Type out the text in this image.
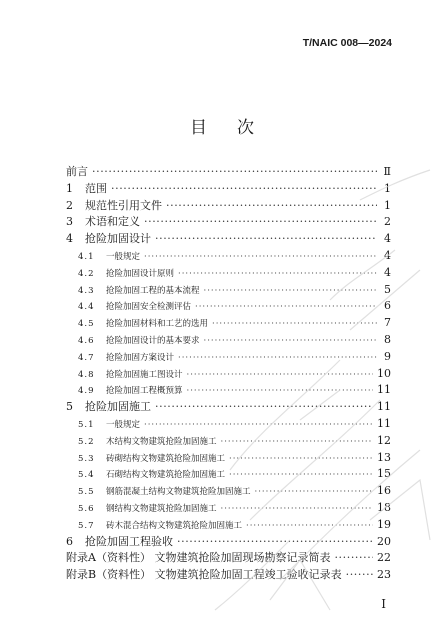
T/NAIC 008—2024
目次
前言 ·····	Ⅱ
1	范围 ·····	1
2	规范性引用文件 ·····	1
3	术语和定义 ·····	2
4	抢险加固设计 ·····	4
4.1	一般规定 ·····	4
4.2	抢险加固设计原则 ·····	4
4.3	抢险加固工程的基本流程 ·····	5
4.4	抢险加固安全检测评估 ·····	6
4.5	抢险加固材料和工艺的选用 ·····	7
4.6	抢险加固设计的基本要求 ·····	8
4.7	抢险加固方案设计 ·····	9
4.8	抢险加固施工图设计 ·····	10
4.9	抢险加固工程概预算 ·····	11
5	抢险加固施工 ·····	11
5.1	一般规定 ·····	11
5.2	木结构文物建筑抢险加固施工 ·····	12
5.3	砖砌结构文物建筑抢险加固施工 ·····	13
5.4	石砌结构文物建筑抢险加固施工 ·····	15
5.5	钢筋混凝土结构文物建筑抢险加固施工 ·····	16
5.6	钢结构文物建筑抢险加固施工 ·····	18
5.7	砖木混合结构文物建筑抢险加固施工 ·····	19
6	抢险加固工程验收 ·····	20
附录A（资料性） 文物建筑抢险加固现场勘察记录简表 ·····	22
附录B（资料性） 文物建筑抢险加固工程竣工验收记录表 ·····	23
I
